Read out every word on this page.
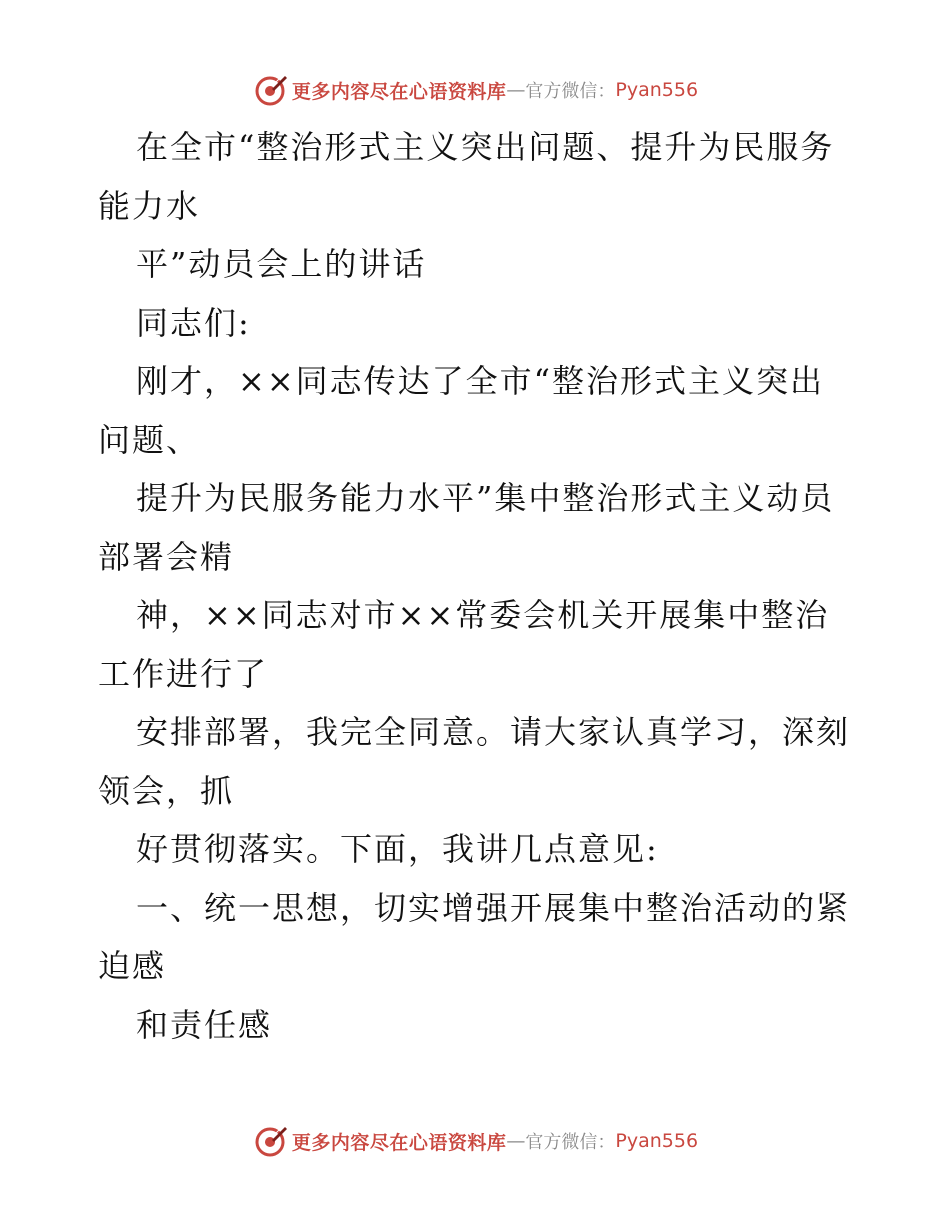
更多内容尽在心语资料库 — 官方微信： Pyan556
在全市“整治形式主义突出问题、提升为民服务
能力水
平”动员会上的讲话
同志们:
刚才，××同志传达了全市“整治形式主义突出
问题、
提升为民服务能力水平”集中整治形式主义动员
部署会精
神，××同志对市××常委会机关开展集中整治
工作进行了
安排部署，我完全同意。请大家认真学习，深刻
领会，抓
好贯彻落实。下面，我讲几点意见:
一、统一思想，切实增强开展集中整治活动的紧
迫感
和责任感
更多内容尽在心语资料库 — 官方微信： Pyan556
